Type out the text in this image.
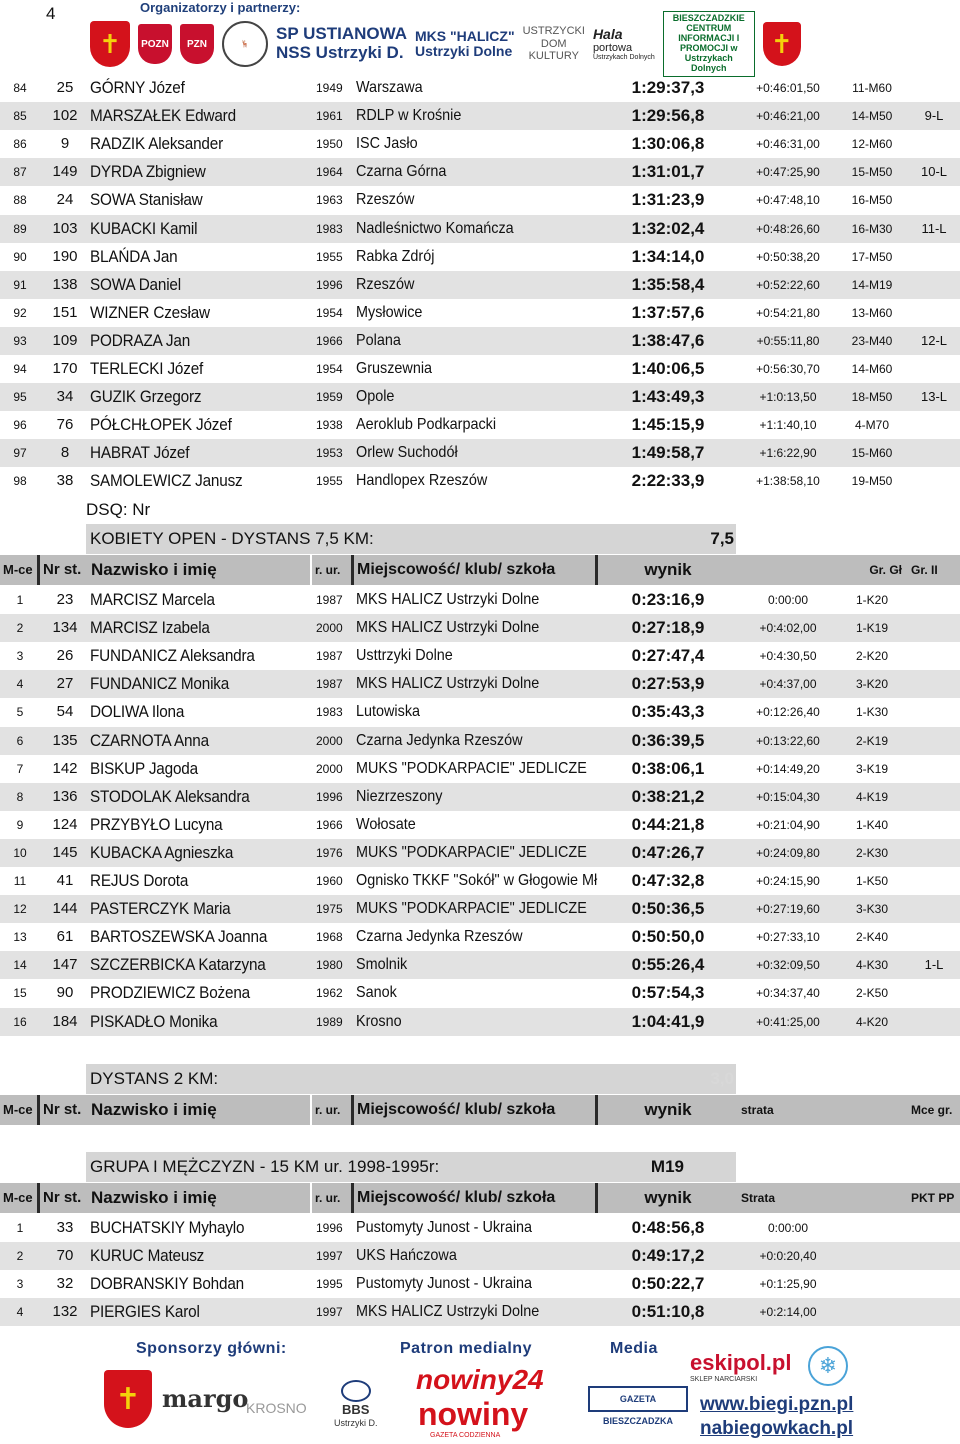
4	Organizatorzy i partnerzy:
✝	POZN	PZN	🦌
SP USTIANOWA
NSS Ustrzyki D.
MKS "HALICZ"
Ustrzyki Dolne
USTRZYCKI
DOM
KULTURY
Hala
portowa
Ustrzykach Dolnych
BIESZCZADZKIE CENTRUM INFORMACJI I PROMOCJI w Ustrzykach Dolnych
✝
84	25 GÓRNY Józef	1949 Warszawa	1:29:37,3	+0:46:01,50	11-M60
85	102 MARSZAŁEK Edward	1961 RDLP w Krośnie	1:29:56,8	+0:46:21,00	14-M50	9-L
86	9	RADZIK Aleksander	1950 ISC Jasło	1:30:06,8	+0:46:31,00	12-M60
87	149 DYRDA Zbigniew	1964 Czarna Górna	1:31:01,7	+0:47:25,90	15-M50	10-L
88	24 SOWA Stanisław	1963 Rzeszów	1:31:23,9	+0:47:48,10	16-M50
89	103 KUBACKI Kamil	1983 Nadleśnictwo Komańcza	1:32:02,4	+0:48:26,60	16-M30	11-L
90	190 BLAŃDA Jan	1955 Rabka Zdrój	1:34:14,0	+0:50:38,20	17-M50
91	138 SOWA Daniel	1996 Rzeszów	1:35:58,4	+0:52:22,60	14-M19
92	151 WIZNER Czesław	1954 Mysłowice	1:37:57,6	+0:54:21,80	13-M60
93	109 PODRAZA Jan	1966 Polana	1:38:47,6	+0:55:11,80	23-M40	12-L
94	170 TERLECKI Józef	1954 Gruszewnia	1:40:06,5	+0:56:30,70	14-M60
95	34 GUZIK Grzegorz	1959 Opole	1:43:49,3	+1:0:13,50	18-M50	13-L
96	76 PÓŁCHŁOPEK Józef	1938 Aeroklub Podkarpacki	1:45:15,9	+1:1:40,10	4-M70
97	8	HABRAT Józef	1953 Orlew Suchodół	1:49:58,7	+1:6:22,90	15-M60
98	38 SAMOLEWICZ Janusz	1955 Handlopex Rzeszów	2:22:33,9	+1:38:58,10	19-M50
DSQ: Nr
KOBIETY OPEN - DYSTANS 7,5 KM:	7,5
M-ce Nr st. Nazwisko i imię	r. ur.	Miejscowość/ klub/ szkoła	wynik	Gr. Gł Gr. II
1	23 MARCISZ Marcela	1987 MKS HALICZ Ustrzyki Dolne	0:23:16,9	0:00:00	1-K20
2	134 MARCISZ Izabela	2000 MKS HALICZ Ustrzyki Dolne	0:27:18,9	+0:4:02,00	1-K19
3	26 FUNDANICZ Aleksandra	1987 Usttrzyki Dolne	0:27:47,4	+0:4:30,50	2-K20
4	27 FUNDANICZ Monika	1987 MKS HALICZ Ustrzyki Dolne	0:27:53,9	+0:4:37,00	3-K20
5	54 DOLIWA Ilona	1983 Lutowiska	0:35:43,3	+0:12:26,40	1-K30
6	135 CZARNOTA Anna	2000 Czarna Jedynka Rzeszów	0:36:39,5	+0:13:22,60	2-K19
7	142 BISKUP Jagoda	2000 MUKS "PODKARPACIE" JEDLICZE	0:38:06,1	+0:14:49,20	3-K19
8	136 STODOLAK Aleksandra	1996 Niezrzeszony	0:38:21,2	+0:15:04,30	4-K19
9	124 PRZYBYŁO Lucyna	1966 Wołosate	0:44:21,8	+0:21:04,90	1-K40
10	145 KUBACKA Agnieszka	1976 MUKS "PODKARPACIE" JEDLICZE	0:47:26,7	+0:24:09,80	2-K30
11	41 REJUS Dorota	1960 Ognisko TKKF "Sokół" w Głogowie Mł	0:47:32,8	+0:24:15,90	1-K50
12	144 PASTERCZYK Maria	1975 MUKS "PODKARPACIE" JEDLICZE	0:50:36,5	+0:27:19,60	3-K30
13	61 BARTOSZEWSKA Joanna	1968 Czarna Jedynka Rzeszów	0:50:50,0	+0:27:33,10	2-K40
14	147 SZCZERBICKA Katarzyna	1980 Smolnik	0:55:26,4	+0:32:09,50	4-K30	1-L
15	90 PRODZIEWICZ Bożena	1962 Sanok	0:57:54,3	+0:34:37,40	2-K50
16	184 PISKADŁO Monika	1989 Krosno	1:04:41,9	+0:41:25,00	4-K20
DYSTANS 2 KM:	3,0
M-ce Nr st. Nazwisko i imię	r. ur.	Miejscowość/ klub/ szkoła	wynik	strata	Mce gr.
GRUPA I MĘŻCZYZN - 15 KM ur. 1998-1995r:	M19
M-ce Nr st. Nazwisko i imię	r. ur.	Miejscowość/ klub/ szkoła	wynik	Strata	PKT PP
1	33 BUCHATSKIY Myhaylo	1996 Pustomyty Junost - Ukraina	0:48:56,8	0:00:00
2	70 KURUC Mateusz	1997 UKS Hańczowa	0:49:17,2	+0:0:20,40
3	32 DOBRANSKIY Bohdan	1995 Pustomyty Junost - Ukraina	0:50:22,7	+0:1:25,90
4	132 PIERGIES Karol	1997 MKS HALICZ Ustrzyki Dolne	0:51:10,8	+0:2:14,00
Sponsorzy główni:	Patron medialny	Media
✝ margo
KROSNO	BBS
Ustrzyki D.
nowiny24
nowiny
GAZETA CODZIENNA
GAZETA BIESZCZADZKA
eskipol.pl
SKLEP NARCIARSKI
www.biegi.pzn.pl
nabiegowkach.pl
❄
